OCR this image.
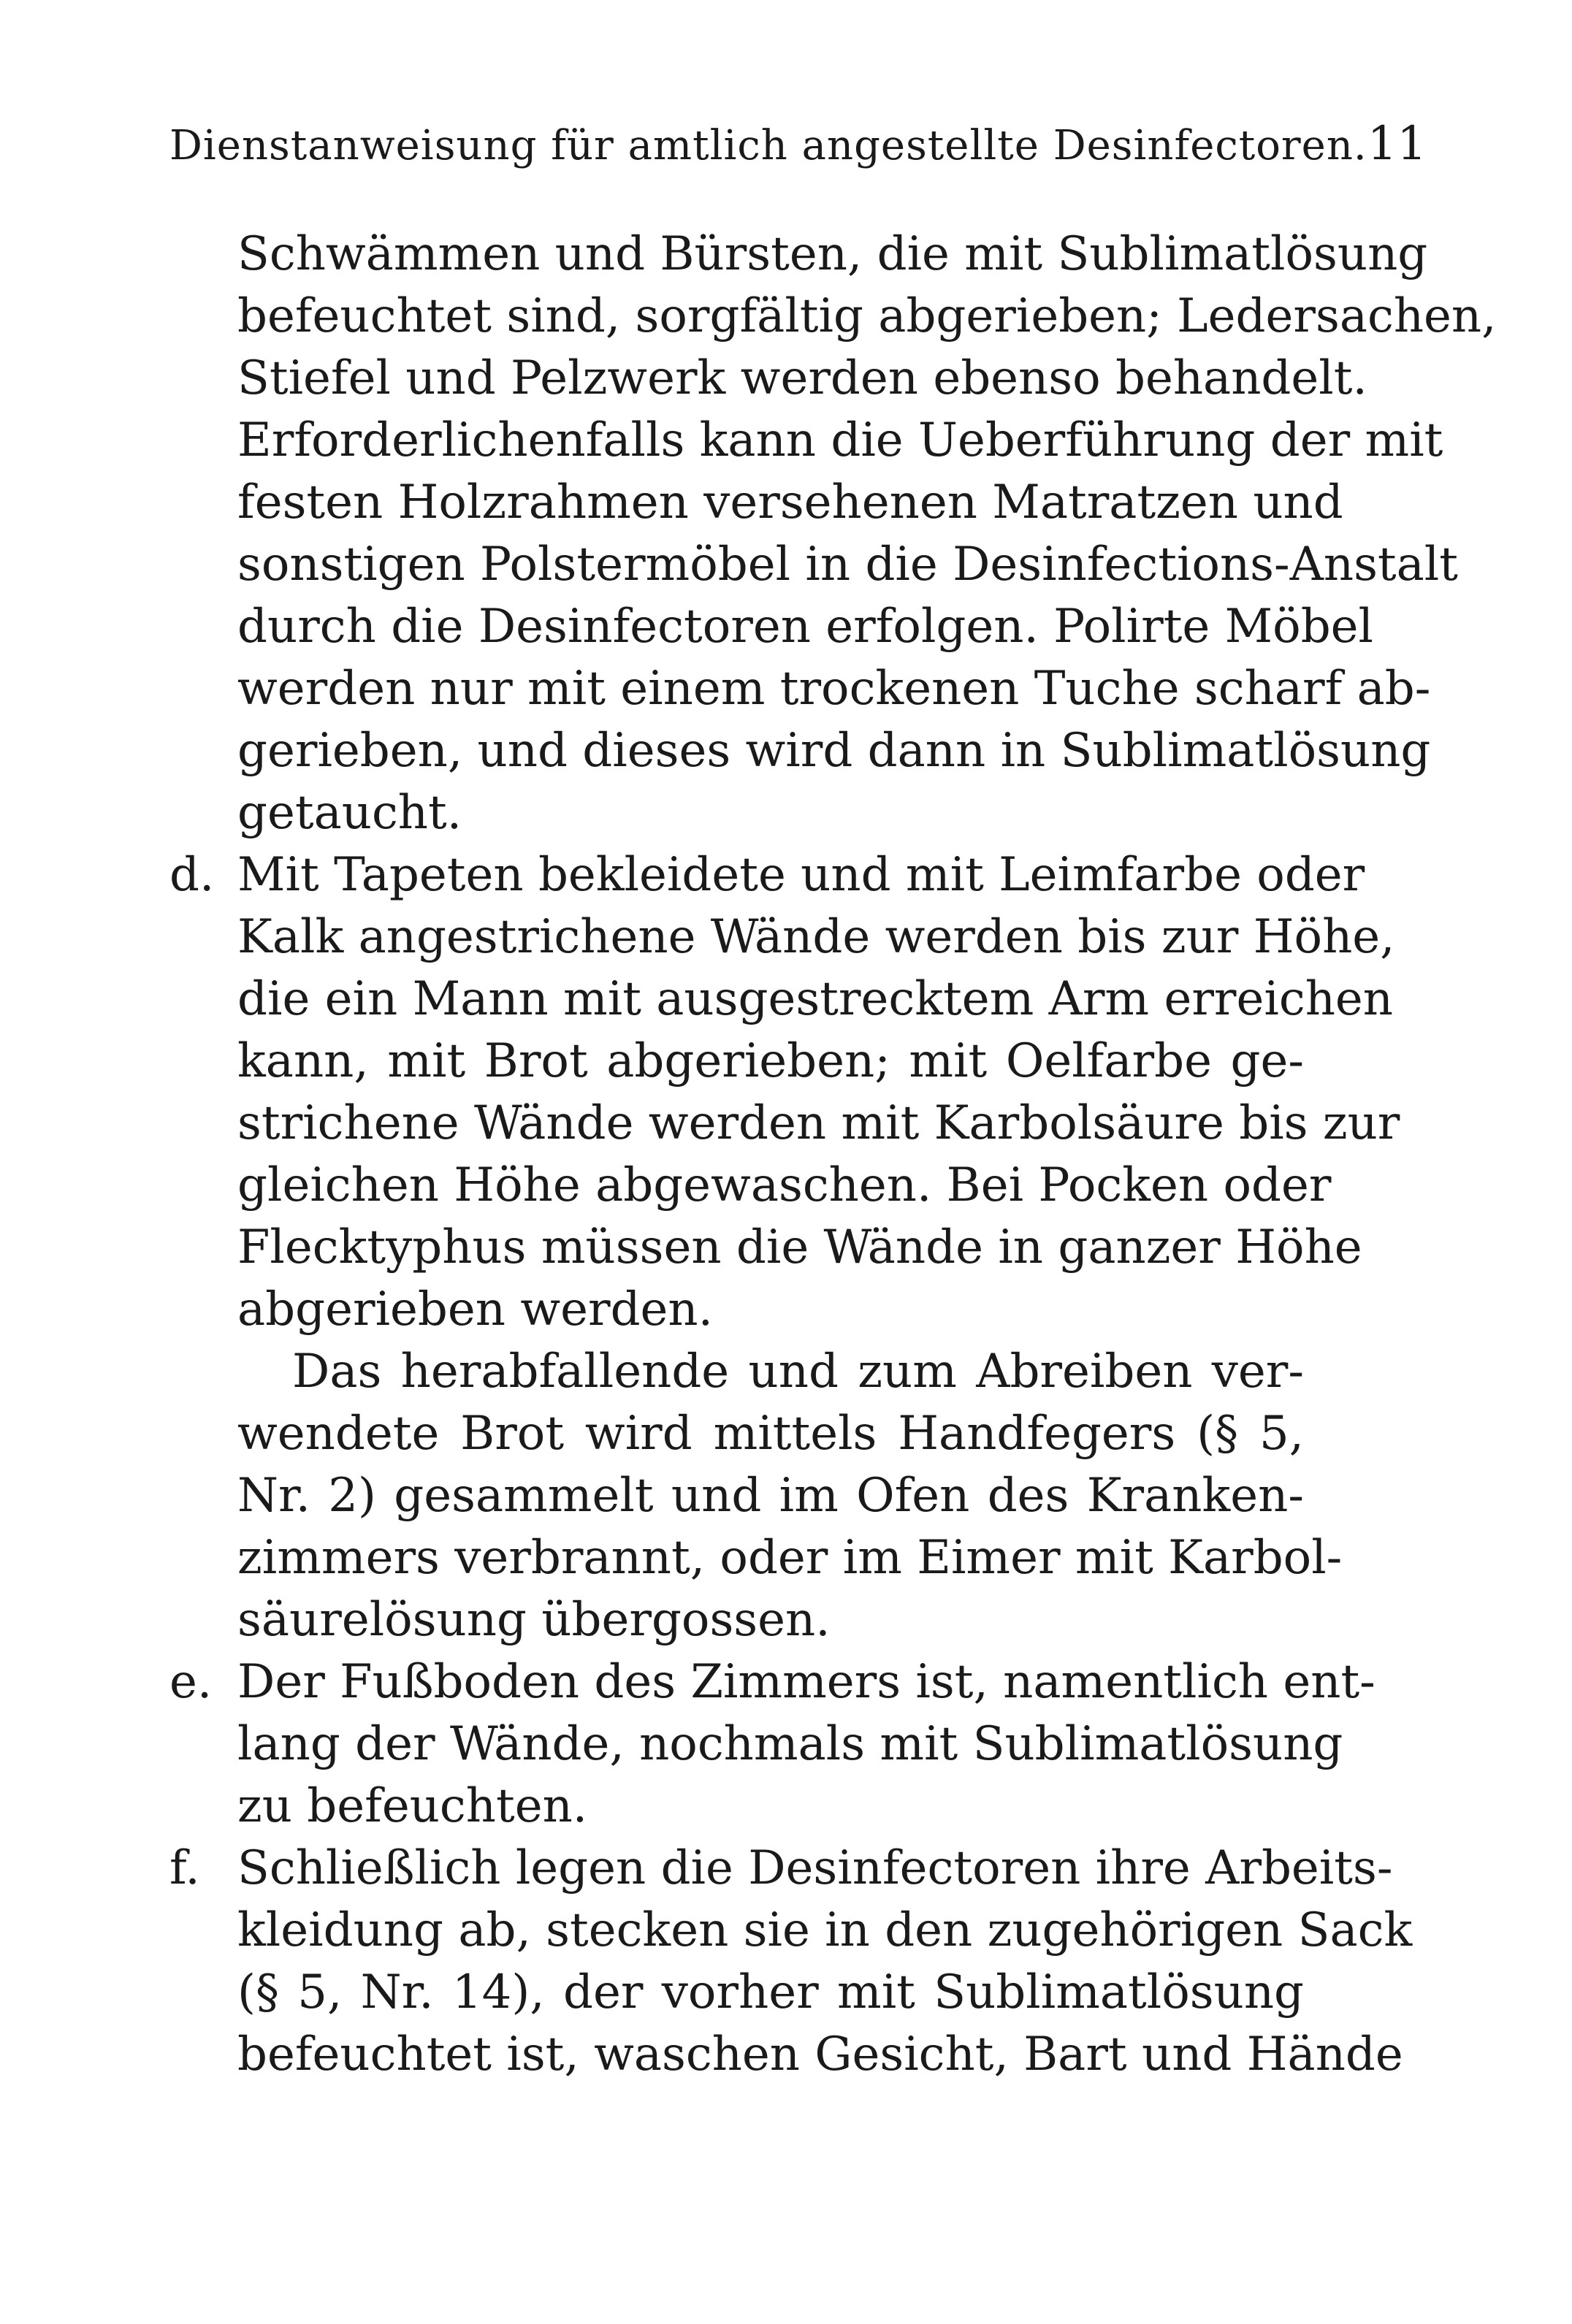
Dienstanweisung für amtlich angestellte Desinfectoren. 11
Schwämmen und Bürsten, die mit Sublimatlösung
befeuchtet sind, sorgfältig abgerieben; Ledersachen,
Stiefel und Pelzwerk werden ebenso behandelt.
Erforderlichenfalls kann die Ueberführung der mit
festen Holzrahmen versehenen Matratzen und
sonstigen Polstermöbel in die Desinfections-Anstalt
durch die Desinfectoren erfolgen. Polirte Möbel
werden nur mit einem trockenen Tuche scharf ab-
gerieben, und dieses wird dann in Sublimatlösung
getaucht.
d. Mit Tapeten bekleidete und mit Leimfarbe oder
Kalk angestrichene Wände werden bis zur Höhe,
die ein Mann mit ausgestrecktem Arm erreichen
kann, mit Brot abgerieben; mit Oelfarbe ge-
strichene Wände werden mit Karbolsäure bis zur
gleichen Höhe abgewaschen. Bei Pocken oder
Flecktyphus müssen die Wände in ganzer Höhe
abgerieben werden.
Das herabfallende und zum Abreiben ver-
wendete Brot wird mittels Handfegers (§ 5,
Nr. 2) gesammelt und im Ofen des Kranken-
zimmers verbrannt, oder im Eimer mit Karbol-
säurelösung übergossen.
e. Der Fußboden des Zimmers ist, namentlich ent-
lang der Wände, nochmals mit Sublimatlösung
zu befeuchten.
f. Schließlich legen die Desinfectoren ihre Arbeits-
kleidung ab, stecken sie in den zugehörigen Sack
(§ 5, Nr. 14), der vorher mit Sublimatlösung
befeuchtet ist, waschen Gesicht, Bart und Hände
